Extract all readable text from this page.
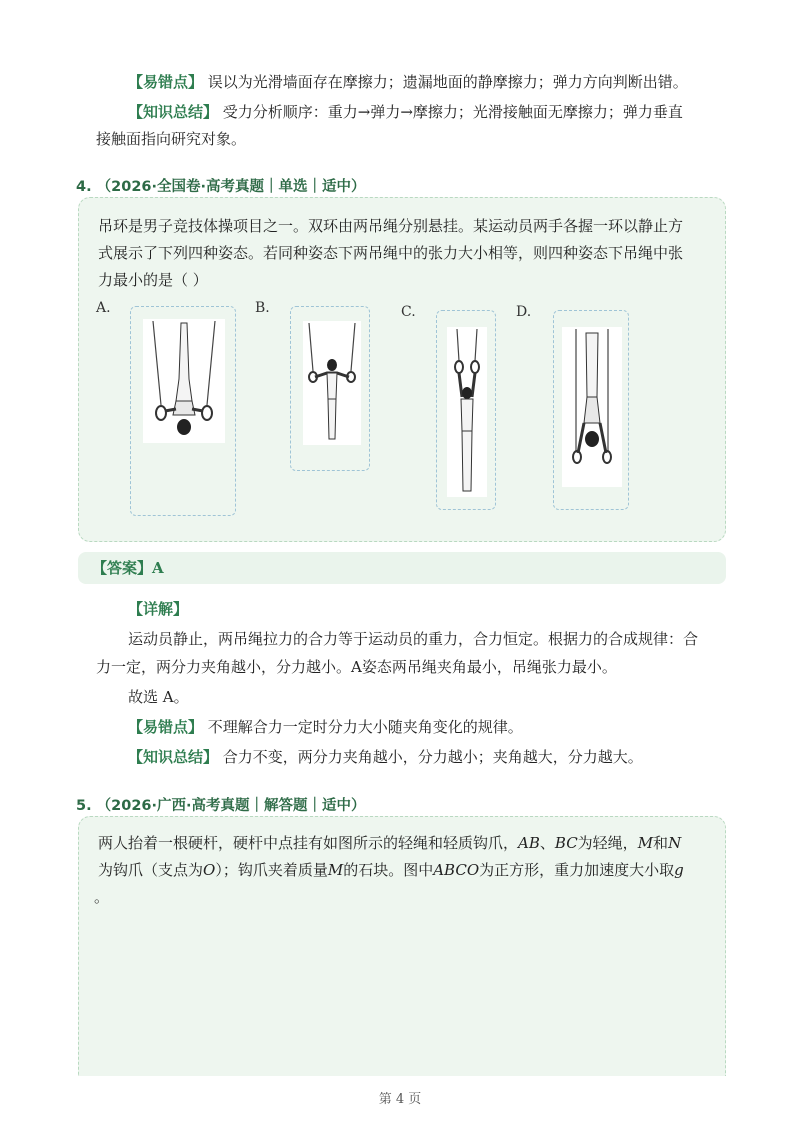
【易错点】 误以为光滑墙面存在摩擦力；遗漏地面的静摩擦力；弹力方向判断出错。
【知识总结】 受力分析顺序：重力→弹力→摩擦力；光滑接触面无摩擦力；弹力垂直
接触面指向研究对象。
4. （2026·全国卷·高考真题｜单选｜适中）
吊环是男子竞技体操项目之一。双环由两吊绳分别悬挂。某运动员两手各握一环以静止方
式展示了下列四种姿态。若同种姿态下两吊绳中的张力大小相等，则四种姿态下吊绳中张
力最小的是（ ）
A.	B.	C.	D.
【答案】A
【详解】
运动员静止，两吊绳拉力的合力等于运动员的重力，合力恒定。根据力的合成规律：合
力一定，两分力夹角越小，分力越小。A姿态两吊绳夹角最小，吊绳张力最小。
故选 A。
【易错点】 不理解合力一定时分力大小随夹角变化的规律。
【知识总结】 合力不变，两分力夹角越小，分力越小；夹角越大，分力越大。
5. （2026·广西·高考真题｜解答题｜适中）
两人抬着一根硬杆，硬杆中点挂有如图所示的轻绳和轻质钩爪，AB、BC为轻绳，M和N
为钩爪（支点为O）；钩爪夹着质量M的石块。图中ABCO为正方形，重力加速度大小取g
。
第 4 页
